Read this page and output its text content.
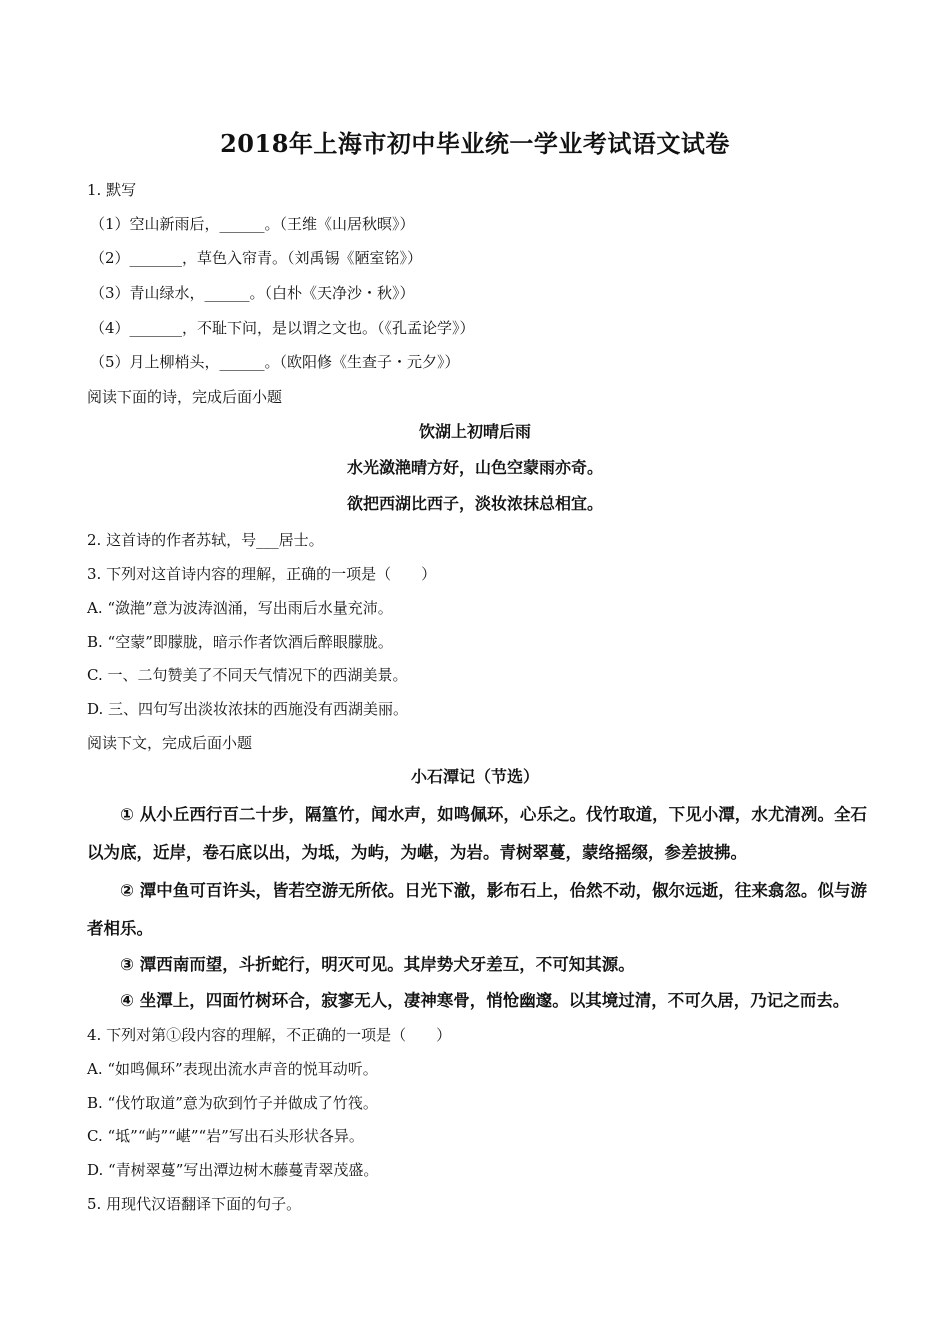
2018年上海市初中毕业统一学业考试语文试卷
1. 默写
（1）空山新雨后，______。（王维《山居秋暝》）
（2）_______，草色入帘青。（刘禹锡《陋室铭》）
（3）青山绿水，______。（白朴《天净沙・秋》）
（4）_______，不耻下问，是以谓之文也。（《孔孟论学》）
（5）月上柳梢头，______。（欧阳修《生查子・元夕》）
阅读下面的诗，完成后面小题
饮湖上初晴后雨
水光潋滟晴方好，山色空蒙雨亦奇。
欲把西湖比西子，淡妆浓抹总相宜。
2. 这首诗的作者苏轼，号___居士。
3. 下列对这首诗内容的理解，正确的一项是（　　）
A. “潋滟”意为波涛汹涌，写出雨后水量充沛。
B. “空蒙”即朦胧，暗示作者饮酒后醉眼朦胧。
C. 一、二句赞美了不同天气情况下的西湖美景。
D. 三、四句写出淡妆浓抹的西施没有西湖美丽。
阅读下文，完成后面小题
小石潭记（节选）
① 从小丘西行百二十步，隔篁竹，闻水声，如鸣佩环，心乐之。伐竹取道，下见小潭，水尤清冽。全石以为底，近岸，卷石底以出，为坻，为屿，为嵁，为岩。青树翠蔓，蒙络摇缀，参差披拂。
② 潭中鱼可百许头，皆若空游无所依。日光下澈，影布石上，佁然不动，俶尔远逝，往来翕忽。似与游者相乐。
③ 潭西南而望，斗折蛇行，明灭可见。其岸势犬牙差互，不可知其源。
④ 坐潭上，四面竹树环合，寂寥无人，凄神寒骨，悄怆幽邃。以其境过清，不可久居，乃记之而去。
4. 下列对第①段内容的理解，不正确的一项是（　　）
A. “如鸣佩环”表现出流水声音的悦耳动听。
B. “伐竹取道”意为砍到竹子并做成了竹筏。
C. “坻”“屿”“嵁”“岩”写出石头形状各异。
D. “青树翠蔓”写出潭边树木藤蔓青翠茂盛。
5. 用现代汉语翻译下面的句子。
